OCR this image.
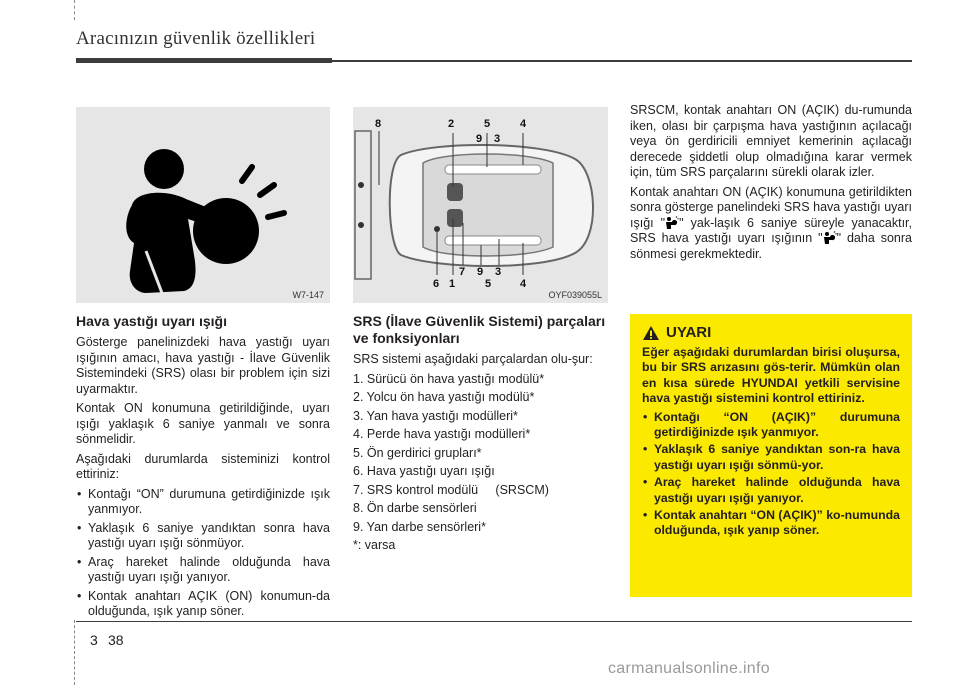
Aracınızın güvenlik özellikleri
W7-147
8	2	5
9 3
4
6 1
7 9 3
5	4
OYF039055L
Hava yastığı uyarı ışığı

Gösterge panelinizdeki hava yastığı uyarı ışığının amacı, hava yastığı - İlave Güvenlik Sistemindeki (SRS) olası bir problem için sizi uyarmaktır.

Kontak ON konumuna getirildiğinde, uyarı ışığı yaklaşık 6 saniye yanmalı ve sonra sönmelidir.

Aşağıdaki durumlarda sisteminizi kontrol ettiriniz:

• Kontağı “ON” durumuna getirdiğinizde ışık yanmıyor.
• Yaklaşık 6 saniye yandıktan sonra hava yastığı uyarı ışığı sönmüyor.
• Araç hareket halinde olduğunda hava yastığı uyarı ışığı yanıyor.
• Kontak anahtarı AÇIK (ON) konumun-da olduğunda, ışık yanıp söner.
SRS (İlave Güvenlik Sistemi) parçaları ve fonksiyonları

SRS sistemi aşağıdaki parçalardan olu-şur:

1. Sürücü ön hava yastığı modülü*
2. Yolcu ön hava yastığı modülü*
3. Yan hava yastığı modülleri*
4. Perde hava yastığı modülleri*
5. Ön gerdirici grupları*
6. Hava yastığı uyarı ışığı
7. SRS kontrol modülü     (SRSCM)
8. Ön darbe sensörleri
9. Yan darbe sensörleri*

*: varsa

SRSCM, kontak anahtarı ON (AÇIK) du-rumunda iken, olası bir çarpışma hava yastığının açılacağı veya ön gerdiricili emniyet kemerinin açılacağı derecede şiddetli olup olmadığına karar vermek için, tüm SRS parçalarını sürekli olarak izler.

Kontak anahtarı ON (AÇIK) konumuna getirildikten sonra gösterge panelindeki SRS hava yastığı uyarı ışığı " " yak-laşık 6 saniye süreyle yanacaktır, SRS hava yastığı uyarı ışığının " " daha sonra sönmesi gerekmektedir.

UYARI

Eğer aşağıdaki durumlardan birisi oluşursa, bu bir SRS arızasını gös-terir. Mümkün olan en kısa sürede HYUNDAI yetkili servisine hava yastığı sistemini kontrol ettiriniz.

• Kontağı “ON (AÇIK)” durumuna getirdiğinizde ışık yanmıyor.
• Yaklaşık 6 saniye yandıktan son-ra hava yastığı uyarı ışığı sönmü-yor.
• Araç hareket halinde olduğunda hava yastığı uyarı ışığı yanıyor.
• Kontak anahtarı “ON (AÇIK)” ko-numunda olduğunda, ışık yanıp söner.
3 38
carmanualsonline.info
